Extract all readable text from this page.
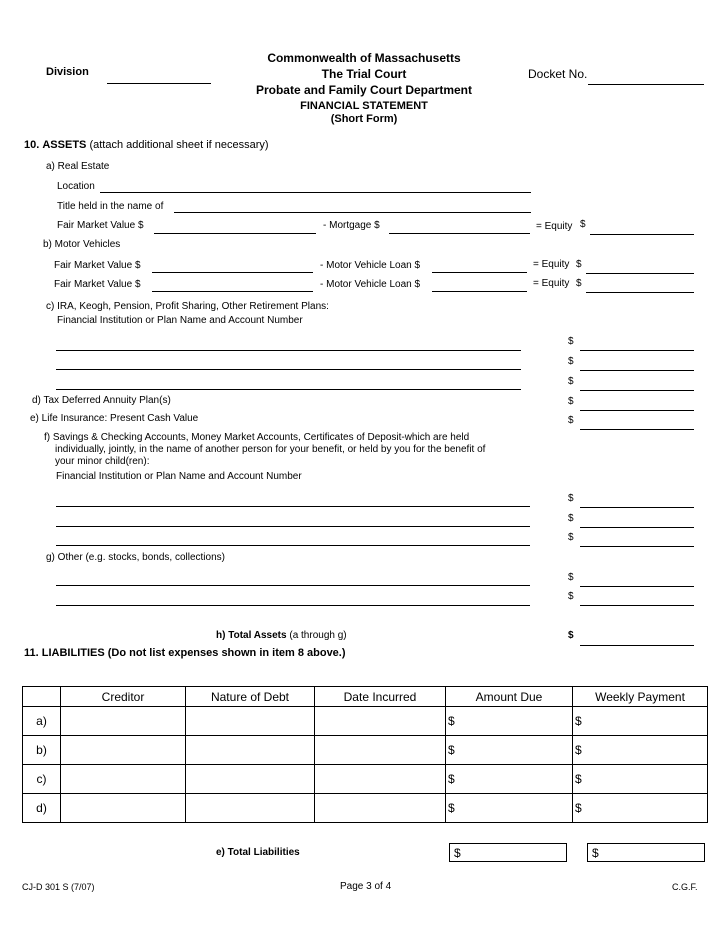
Commonwealth of Massachusetts
The Trial Court
Probate and Family Court Department
FINANCIAL STATEMENT
(Short Form)
Division	Docket No.
10. ASSETS (attach additional sheet if necessary)
a) Real Estate
Location
Title held in the name of
Fair Market Value $	- Mortgage $	= Equity $
b) Motor Vehicles
Fair Market Value $	- Motor Vehicle Loan $	= Equity $
Fair Market Value $	- Motor Vehicle Loan $	= Equity $
c) IRA, Keogh, Pension, Profit Sharing, Other Retirement Plans:
Financial Institution or Plan Name and Account Number
$
$
$
d) Tax Deferred Annuity Plan(s)	$
e) Life Insurance: Present Cash Value	$
f) Savings & Checking Accounts, Money Market Accounts, Certificates of Deposit-which are held
individually, jointly, in the name of another person for your benefit, or held by you for the benefit of
your minor child(ren):
Financial Institution or Plan Name and Account Number
$
$
$
g) Other (e.g. stocks, bonds, collections)
$
$
h) Total Assets (a through g)	$
11. LIABILITIES (Do not list expenses shown in item 8 above.)
	Creditor	Nature of Debt	Date Incurred	Amount Due	Weekly Payment
a)				$	$
b)				$	$
c)				$	$
d)				$	$
e) Total Liabilities	$	$
CJ-D 301 S (7/07)	Page 3 of 4	C.G.F.
